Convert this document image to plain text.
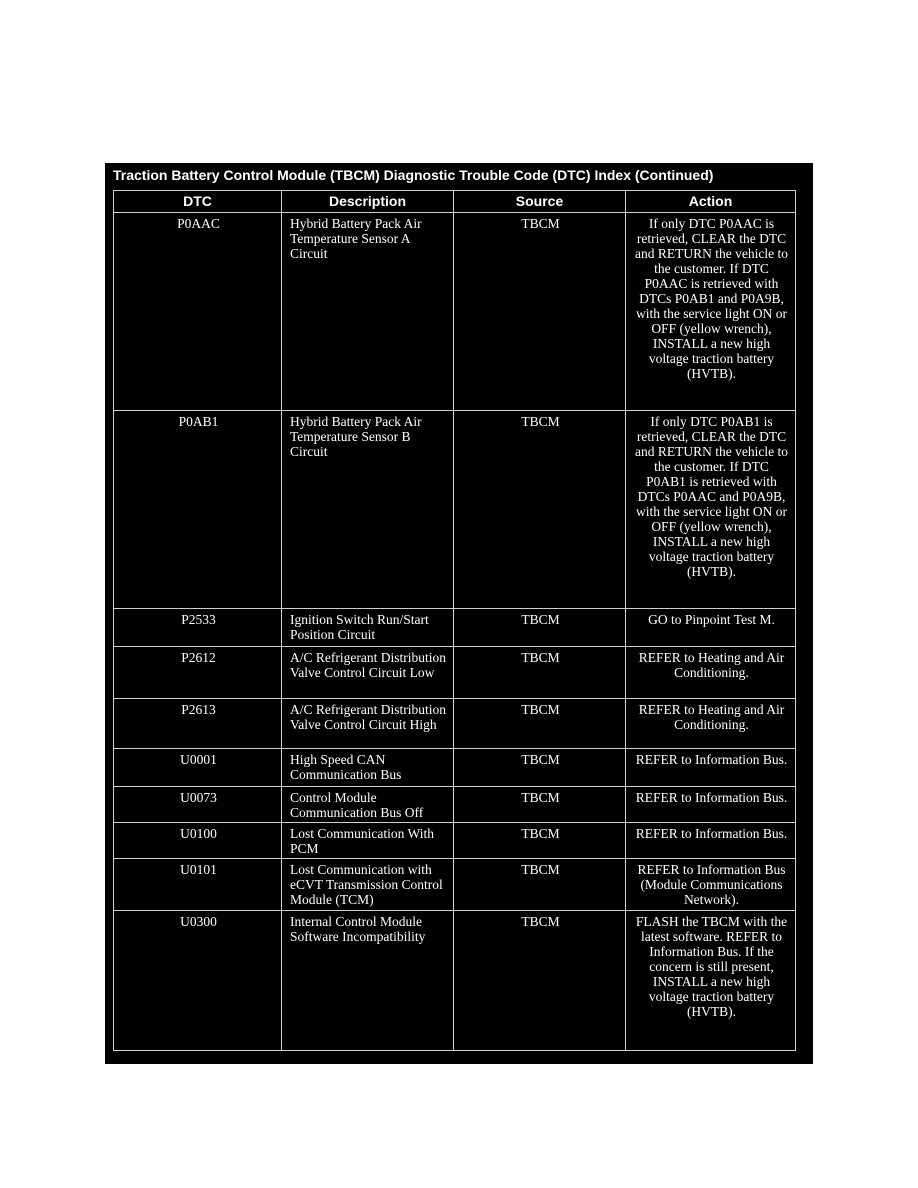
Traction Battery Control Module (TBCM) Diagnostic Trouble Code (DTC) Index (Continued)
DTC	Description	Source	Action
P0AAC	Hybrid Battery Pack Air Temperature Sensor A Circuit	TBCM	If only DTC P0AAC is retrieved, CLEAR the DTC and RETURN the vehicle to the customer. If DTC P0AAC is retrieved with DTCs P0AB1 and P0A9B, with the service light ON or OFF (yellow wrench), INSTALL a new high voltage traction battery (HVTB).
P0AB1	Hybrid Battery Pack Air Temperature Sensor B Circuit	TBCM	If only DTC P0AB1 is retrieved, CLEAR the DTC and RETURN the vehicle to the customer. If DTC P0AB1 is retrieved with DTCs P0AAC and P0A9B, with the service light ON or OFF (yellow wrench), INSTALL a new high voltage traction battery (HVTB).
P2533	Ignition Switch Run/Start Position Circuit	TBCM	GO to Pinpoint Test M.
P2612	A/C Refrigerant Distribution Valve Control Circuit Low	TBCM	REFER to Heating and Air Conditioning.
P2613	A/C Refrigerant Distribution Valve Control Circuit High	TBCM	REFER to Heating and Air Conditioning.
U0001	High Speed CAN Communication Bus	TBCM	REFER to Information Bus.
U0073	Control Module Communication Bus Off	TBCM	REFER to Information Bus.
U0100	Lost Communication With PCM	TBCM	REFER to Information Bus.
U0101	Lost Communication with eCVT Transmission Control Module (TCM)	TBCM	REFER to Information Bus (Module Communications Network).
U0300	Internal Control Module Software Incompatibility	TBCM	FLASH the TBCM with the latest software. REFER to Information Bus. If the concern is still present, INSTALL a new high voltage traction battery (HVTB).
